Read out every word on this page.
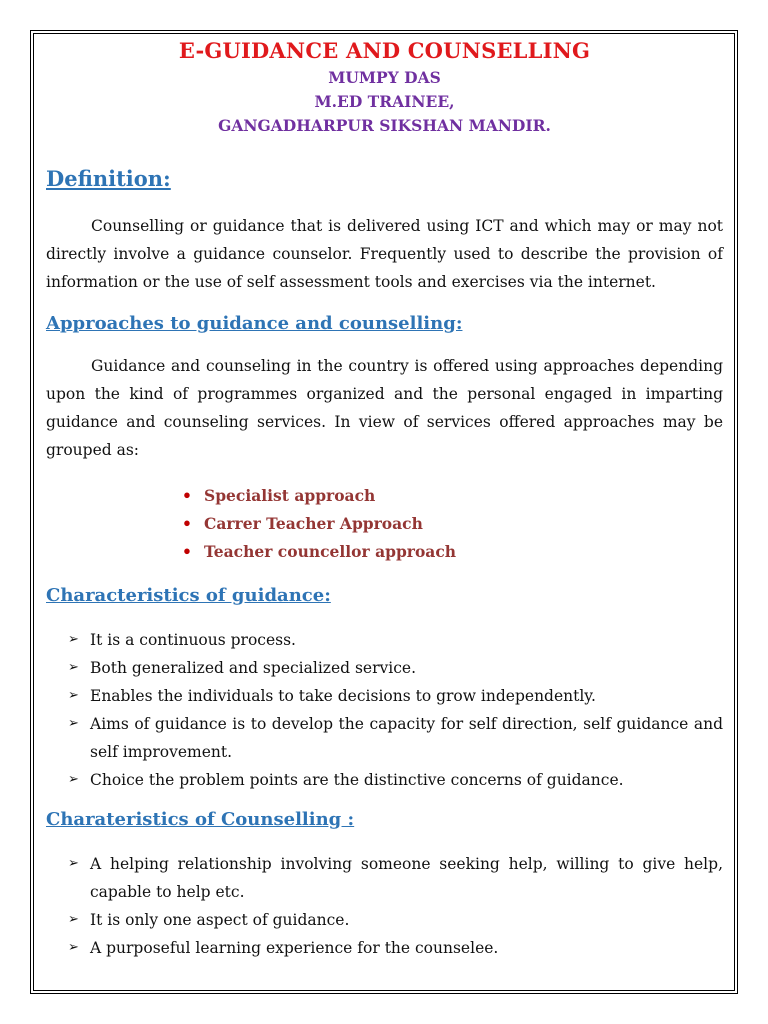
E-GUIDANCE AND COUNSELLING
MUMPY DAS
M.ED TRAINEE,
GANGADHARPUR SIKSHAN MANDIR.
Definition:

Counselling or guidance that is delivered using ICT and which may or may not directly involve a guidance counselor. Frequently used to describe the provision of information or the use of self assessment tools and exercises via the internet.

Approaches to guidance and counselling:

Guidance and counseling in the country is offered using approaches depending upon the kind of programmes organized and the personal engaged in imparting guidance and counseling services. In view of services offered approaches may be grouped as:

• Specialist approach
• Carrer Teacher Approach
• Teacher councellor approach
Characteristics of guidance:
➢ It is a continuous process.
➢ Both generalized and specialized service.
➢ Enables the individuals to take decisions to grow independently.
➢ Aims of guidance is to develop the capacity for self direction, self guidance and self improvement.
➢ Choice the problem points are the distinctive concerns of guidance.
Charateristics of Counselling :
➢ A helping relationship involving someone seeking help, willing to give help, capable to help etc.
➢ It is only one aspect of guidance.
➢ A purposeful learning experience for the counselee.
